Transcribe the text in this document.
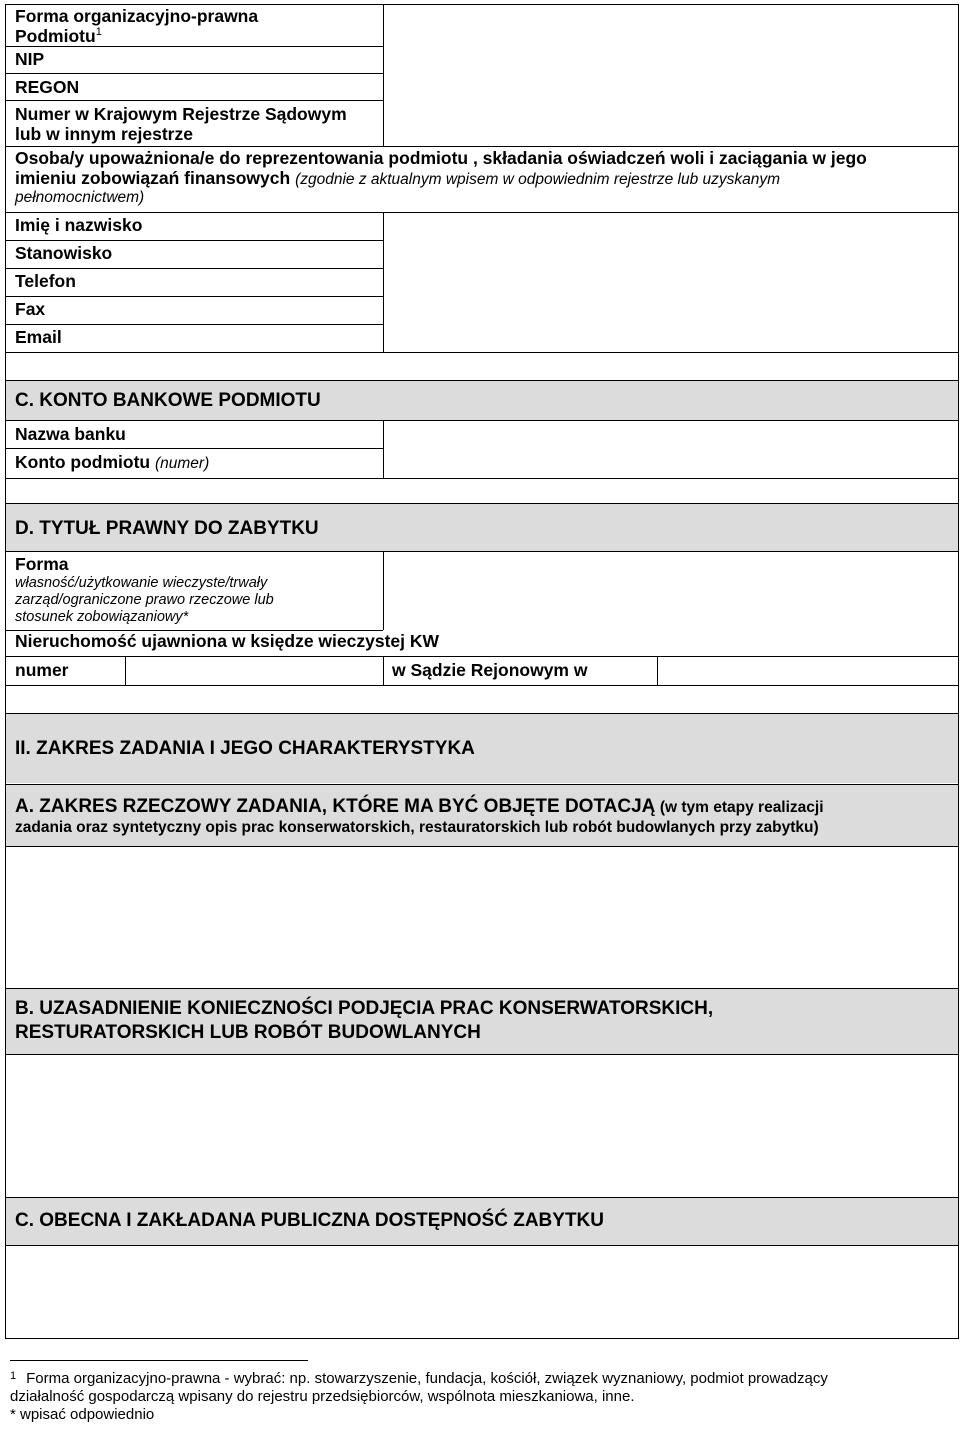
Forma organizacyjno-prawna
Podmiotu$^1$
NIP
REGON
Numer w Krajowym Rejestrze Sądowym
lub w innym rejestrze
Osoba/y upoważniona/e do reprezentowania podmiotu , składania oświadczeń woli i zaciągania w jego
imieniu zobowiązań finansowych (zgodnie z aktualnym wpisem w odpowiednim rejestrze lub uzyskanym
pełnomocnictwem)
Imię i nazwisko
Stanowisko
Telefon
Fax
Email
C. KONTO BANKOWE PODMIOTU
Nazwa banku
Konto podmiotu (numer)
D. TYTUŁ PRAWNY DO ZABYTKU
Forma
własność/użytkowanie wieczyste/trwały
zarząd/ograniczone prawo rzeczowe lub
stosunek zobowiązaniowy*
Nieruchomość ujawniona w księdze wieczystej KW
numer	w Sądzie Rejonowym w
II. ZAKRES ZADANIA I JEGO CHARAKTERYSTYKA
A. ZAKRES RZECZOWY ZADANIA, KTÓRE MA BYĆ OBJĘTE DOTACJĄ (w tym etapy realizacji
zadania oraz syntetyczny opis prac konserwatorskich, restauratorskich lub robót budowlanych przy zabytku)
B. UZASADNIENIE KONIECZNOŚCI PODJĘCIA PRAC KONSERWATORSKICH,
RESTURATORSKICH LUB ROBÓT BUDOWLANYCH
C. OBECNA I ZAKŁADANA PUBLICZNA DOSTĘPNOŚĆ ZABYTKU
$^1$ Forma organizacyjno-prawna - wybrać: np. stowarzyszenie, fundacja, kościół, związek wyznaniowy, podmiot prowadzący
działalność gospodarczą wpisany do rejestru przedsiębiorców, wspólnota mieszkaniowa, inne.
* wpisać odpowiednio
